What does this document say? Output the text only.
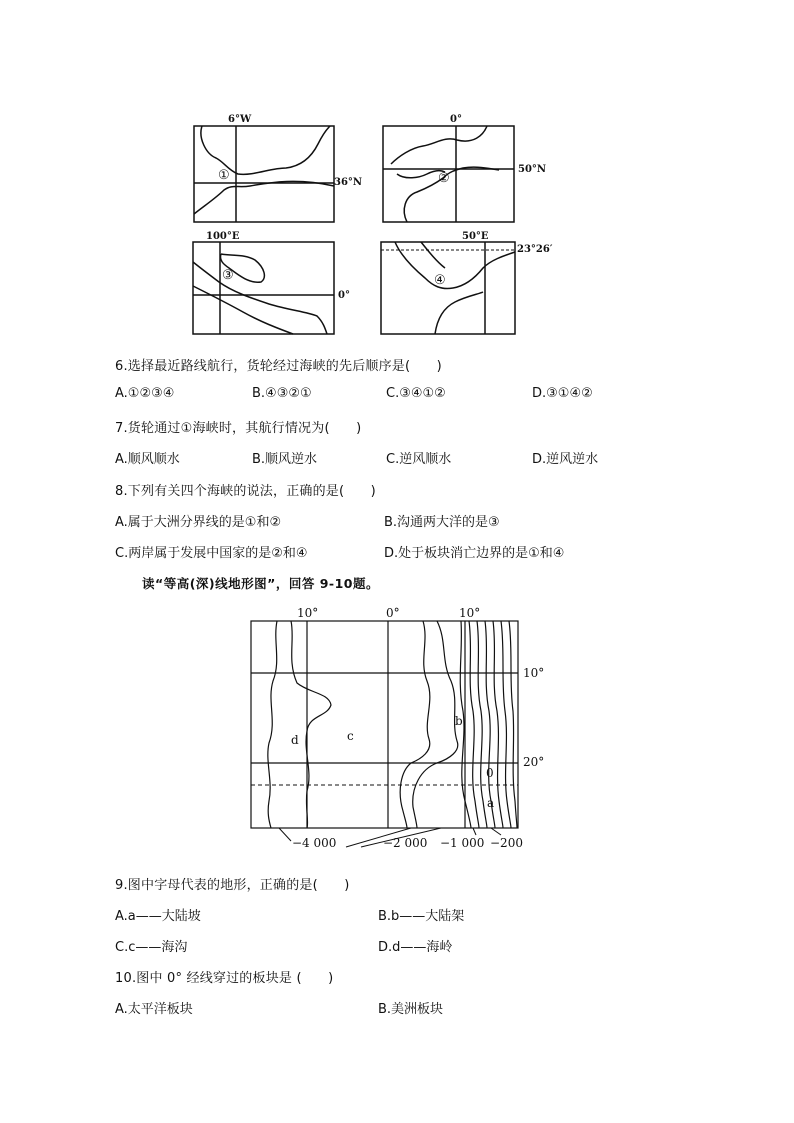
6°W
①	36°N
0°
②
50°N
100°E
③
0°
50°E
④
23°26′
6.选择最近路线航行，货轮经过海峡的先后顺序是(　　)
A.①②③④	B.④③②①	C.③④①②	D.③①④②
7.货轮通过①海峡时，其航行情况为(　　)
A.顺风顺水	B.顺风逆水	C.逆风顺水	D.逆风逆水
8.下列有关四个海峡的说法，正确的是(　　)
A.属于大洲分界线的是①和②	B.沟通两大洋的是③
C.两岸属于发展中国家的是②和④	D.处于板块消亡边界的是①和④
读“等高(深)线地形图”，回答 9-10题。
10°	0°	10°
d	c
b
0
a
10°
20°
−4 000	−2 000 −1 000 −200
9.图中字母代表的地形，正确的是(　　)
A.a——大陆坡	B.b——大陆架
C.c——海沟	D.d——海岭
10.图中 0° 经线穿过的板块是 (　　)
A.太平洋板块	B.美洲板块
